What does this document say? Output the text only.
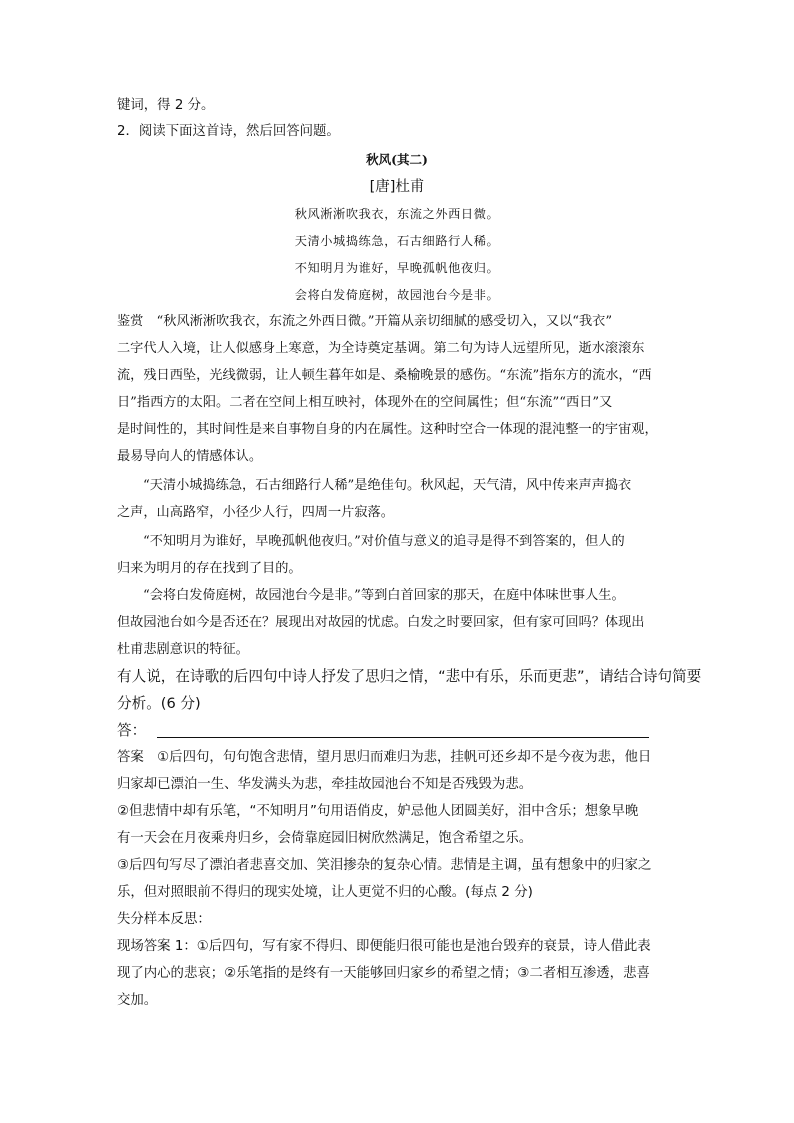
键词，得 2 分。
2．阅读下面这首诗，然后回答问题。
秋风(其二)
[唐]杜甫
秋风淅淅吹我衣，东流之外西日微。
天清小城捣练急，石古细路行人稀。
不知明月为谁好，早晚孤帆他夜归。
会将白发倚庭树，故园池台今是非。
鉴赏　“秋风淅淅吹我衣，东流之外西日微。”开篇从亲切细腻的感受切入，又以“我衣”
二字代人入境，让人似感身上寒意，为全诗奠定基调。第二句为诗人远望所见，逝水滚滚东
流，残日西坠，光线微弱，让人顿生暮年如是、桑榆晚景的感伤。“东流”指东方的流水，“西
日”指西方的太阳。二者在空间上相互映衬，体现外在的空间属性；但“东流”“西日”又
是时间性的，其时间性是来自事物自身的内在属性。这种时空合一体现的混沌整一的宇宙观，
最易导向人的情感体认。
“天清小城捣练急，石古细路行人稀”是绝佳句。秋风起，天气清，风中传来声声捣衣
之声，山高路窄，小径少人行，四周一片寂落。
“不知明月为谁好，早晚孤帆他夜归。”对价值与意义的追寻是得不到答案的，但人的
归来为明月的存在找到了目的。
“会将白发倚庭树，故园池台今是非。”等到白首回家的那天，在庭中体味世事人生。
但故园池台如今是否还在？展现出对故园的忧虑。白发之时要回家，但有家可回吗？体现出
杜甫悲剧意识的特征。
有人说，在诗歌的后四句中诗人抒发了思归之情，“悲中有乐，乐而更悲”，请结合诗句简要
分析。(6 分)
答：
答案　①后四句，句句饱含悲情，望月思归而难归为悲，挂帆可还乡却不是今夜为悲，他日
归家却已漂泊一生、华发满头为悲，牵挂故园池台不知是否残毁为悲。
②但悲情中却有乐笔，“不知明月”句用语俏皮，妒忌他人团圆美好，泪中含乐；想象早晚
有一天会在月夜乘舟归乡，会倚靠庭园旧树欣然满足，饱含希望之乐。
③后四句写尽了漂泊者悲喜交加、笑泪掺杂的复杂心情。悲情是主调，虽有想象中的归家之
乐，但对照眼前不得归的现实处境，让人更觉不归的心酸。(每点 2 分)
失分样本反思：
现场答案 1：①后四句，写有家不得归、即便能归很可能也是池台毁弃的衰景，诗人借此表
现了内心的悲哀；②乐笔指的是终有一天能够回归家乡的希望之情；③二者相互渗透，悲喜
交加。
